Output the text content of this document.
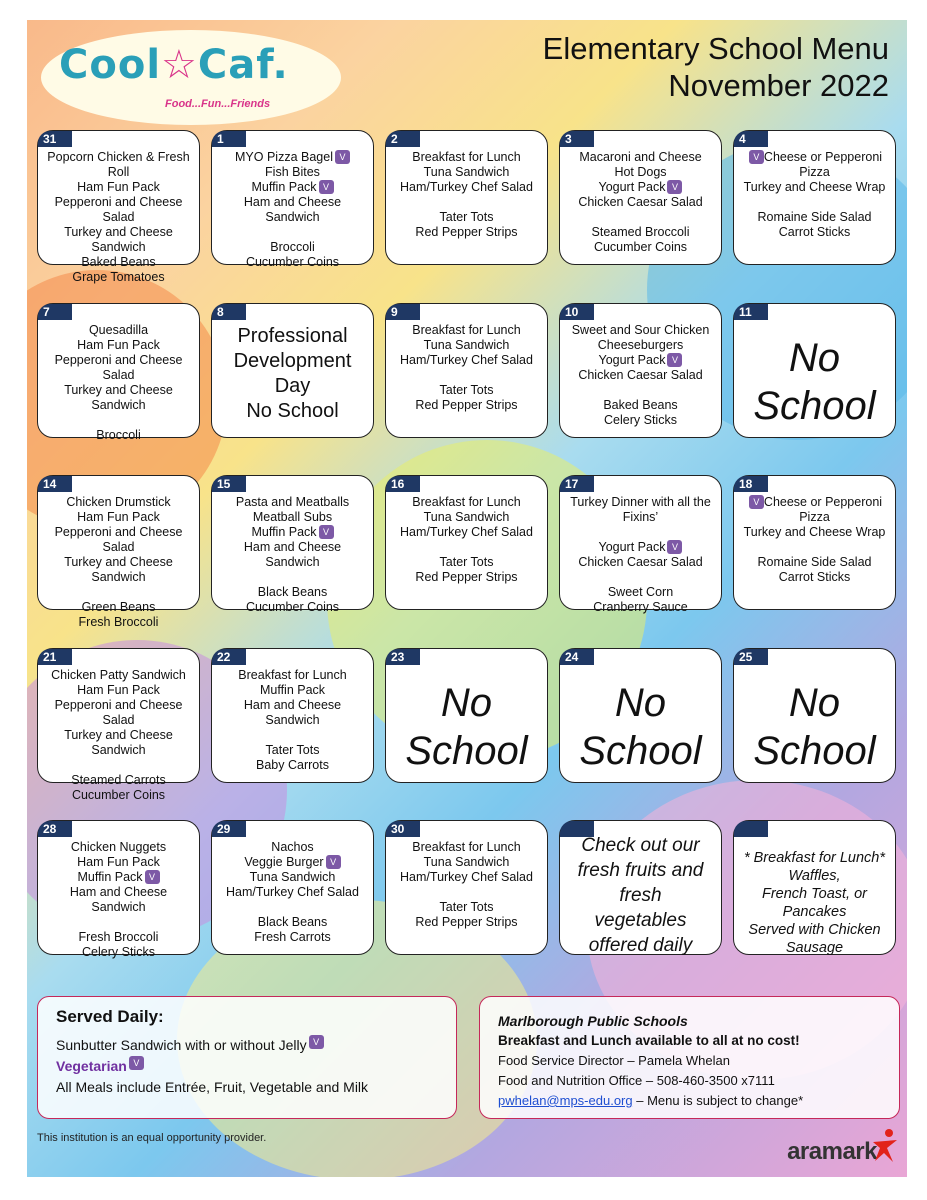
Cool☆Caf.
Food...Fun...Friends
Elementary School Menu
November 2022
31
Popcorn Chicken & Fresh Roll
Ham Fun Pack
Pepperoni and Cheese Salad
Turkey and Cheese Sandwich
Baked Beans
Grape Tomatoes
1
MYO Pizza Bagel V
Fish Bites
Muffin Pack V
Ham and Cheese Sandwich
Broccoli
Cucumber Coins
2
Breakfast for Lunch
Tuna Sandwich
Ham/Turkey Chef Salad
Tater Tots
Red Pepper Strips
3
Macaroni and Cheese
Hot Dogs
Yogurt Pack V
Chicken Caesar Salad
Steamed Broccoli
Cucumber Coins
4
V Cheese or Pepperoni Pizza
Turkey and Cheese Wrap
Romaine Side Salad
Carrot Sticks
7
Quesadilla
Ham Fun Pack
Pepperoni and Cheese Salad
Turkey and Cheese Sandwich
Broccoli
8
Professional
Development
Day
No School
9
Breakfast for Lunch
Tuna Sandwich
Ham/Turkey Chef Salad
Tater Tots
Red Pepper Strips
10
Sweet and Sour Chicken
Cheeseburgers
Yogurt Pack V
Chicken Caesar Salad
Baked Beans
Celery Sticks
11
No
School
14
Chicken Drumstick
Ham Fun Pack
Pepperoni and Cheese Salad
Turkey and Cheese Sandwich
Green Beans
Fresh Broccoli
15
Pasta and Meatballs
Meatball Subs
Muffin Pack V
Ham and Cheese Sandwich
Black Beans
Cucumber Coins
16
Breakfast for Lunch
Tuna Sandwich
Ham/Turkey Chef Salad
Tater Tots
Red Pepper Strips
17
Turkey Dinner with all the Fixins’
Yogurt Pack V
Chicken Caesar Salad
Sweet Corn
Cranberry Sauce
18
V Cheese or Pepperoni Pizza
Turkey and Cheese Wrap
Romaine Side Salad
Carrot Sticks
21
Chicken Patty Sandwich
Ham Fun Pack
Pepperoni and Cheese Salad
Turkey and Cheese Sandwich
Steamed Carrots
Cucumber Coins
22
Breakfast for Lunch
Muffin Pack
Ham and Cheese Sandwich
Tater Tots
Baby Carrots
23
No
School
24
No
School
25
No
School
28
Chicken Nuggets
Ham Fun Pack
Muffin Pack V
Ham and Cheese Sandwich
Fresh Broccoli
Celery Sticks
29
Nachos
Veggie Burger V
Tuna Sandwich
Ham/Turkey Chef Salad
Black Beans
Fresh Carrots
30
Breakfast for Lunch
Tuna Sandwich
Ham/Turkey Chef Salad
Tater Tots
Red Pepper Strips
Check out our
fresh fruits and
fresh
vegetables
offered daily
* Breakfast for Lunch*
Waffles,
French Toast, or
Pancakes
Served with Chicken
Sausage
Served Daily:
Sunbutter Sandwich with or without Jelly V
Vegetarian V
All Meals include Entrée, Fruit, Vegetable and Milk
Marlborough Public Schools
Breakfast and Lunch available to all at no cost!
Food Service Director – Pamela Whelan
Food and Nutrition Office – 508-460-3500 x7111
pwhelan@mps-edu.org – Menu is subject to change*
This institution is an equal opportunity provider.	aramark
